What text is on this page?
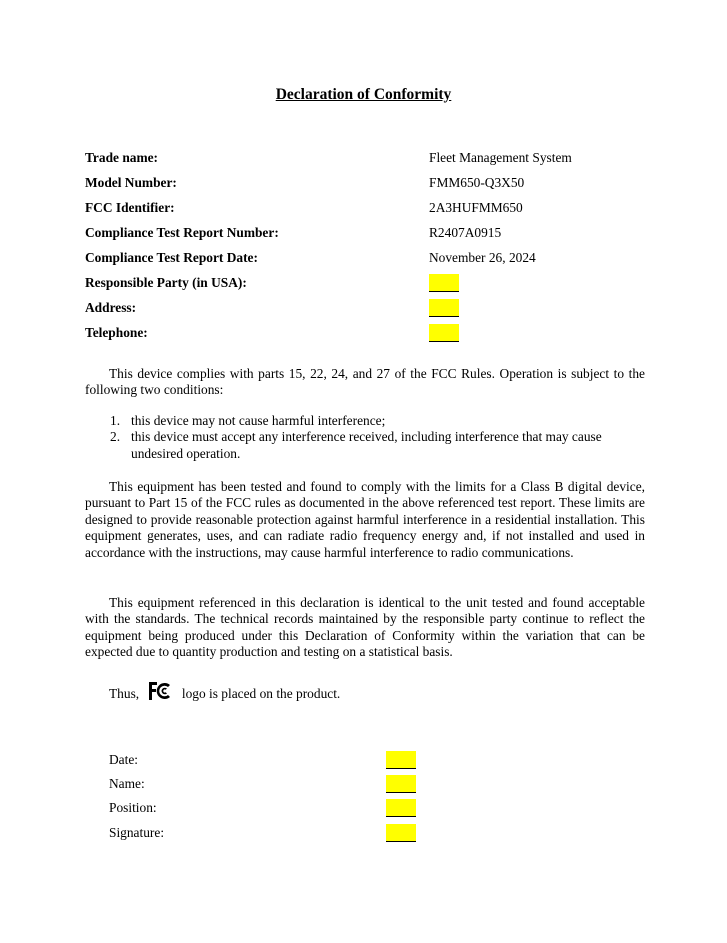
Declaration of Conformity
Trade name:	Fleet Management System
Model Number:	FMM650-Q3X50
FCC Identifier:	2A3HUFMM650
Compliance Test Report Number:	R2407A0915
Compliance Test Report Date:	November 26, 2024
Responsible Party (in USA):
Address:
Telephone:
This device complies with parts 15, 22, 24, and 27 of the FCC Rules. Operation is subject to the following two conditions:
1. this device may not cause harmful interference;
2. this device must accept any interference received, including interference that may cause undesired operation.
This equipment has been tested and found to comply with the limits for a Class B digital device, pursuant to Part 15 of the FCC rules as documented in the above referenced test report. These limits are designed to provide reasonable protection against harmful interference in a residential installation. This equipment generates, uses, and can radiate radio frequency energy and, if not installed and used in accordance with the instructions, may cause harmful interference to radio communications.
This equipment referenced in this declaration is identical to the unit tested and found acceptable with the standards. The technical records maintained by the responsible party continue to reflect the equipment being produced under this Declaration of Conformity within the variation that can be expected due to quantity production and testing on a statistical basis.
Thus,	logo is placed on the product.
Date:
Name:
Position:
Signature:
